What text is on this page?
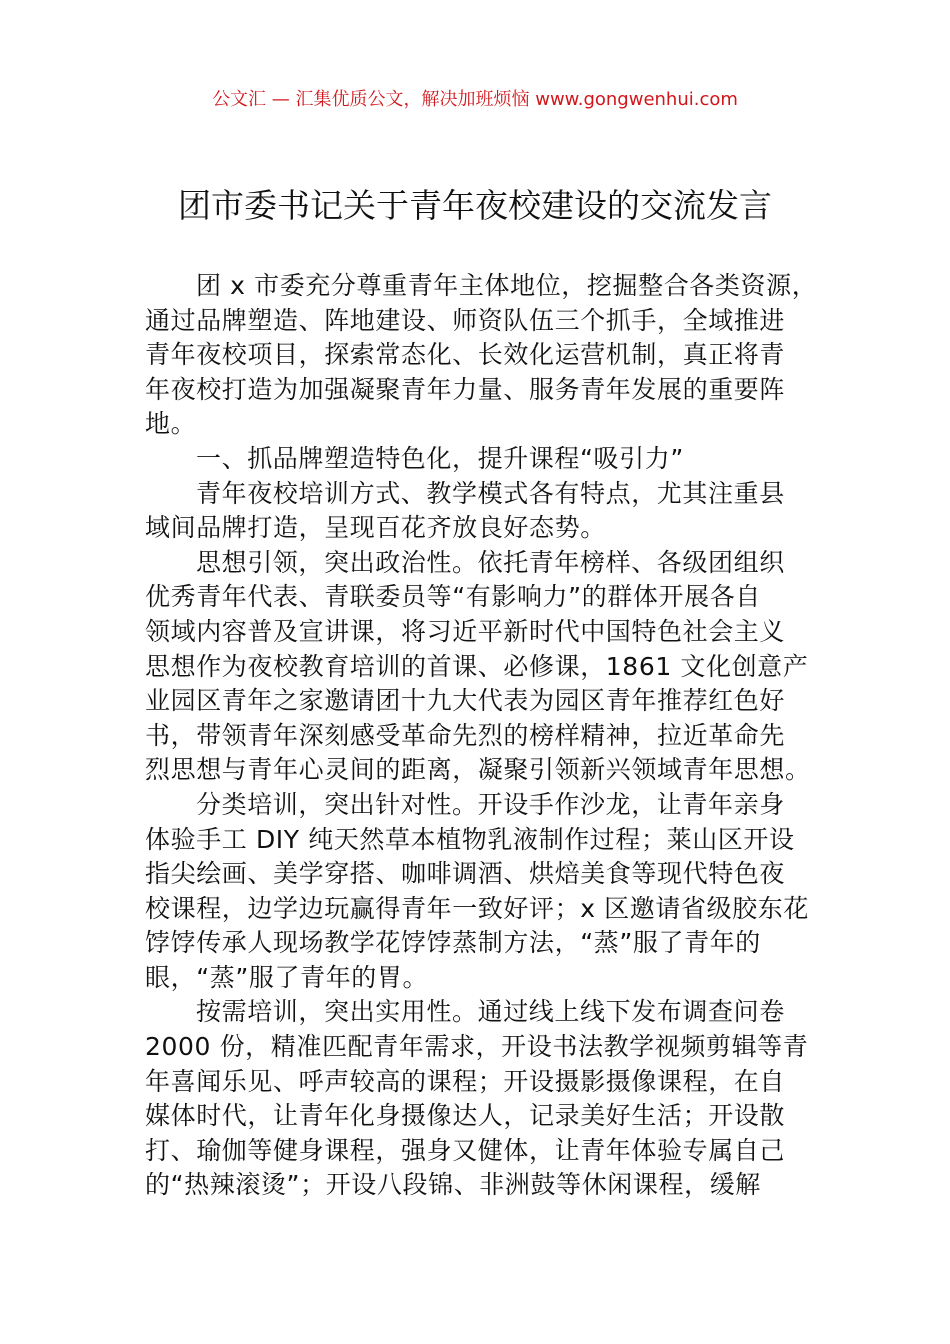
公文汇 — 汇集优质公文，解决加班烦恼 www.gongwenhui.com
团市委书记关于青年夜校建设的交流发言
团 x 市委充分尊重青年主体地位，挖掘整合各类资源，
通过品牌塑造、阵地建设、师资队伍三个抓手，全域推进
青年夜校项目，探索常态化、长效化运营机制，真正将青
年夜校打造为加强凝聚青年力量、服务青年发展的重要阵
地。
一、抓品牌塑造特色化，提升课程“吸引力”
青年夜校培训方式、教学模式各有特点，尤其注重县
域间品牌打造，呈现百花齐放良好态势。
思想引领，突出政治性。依托青年榜样、各级团组织
优秀青年代表、青联委员等“有影响力”的群体开展各自
领域内容普及宣讲课，将习近平新时代中国特色社会主义
思想作为夜校教育培训的首课、必修课，1861 文化创意产
业园区青年之家邀请团十九大代表为园区青年推荐红色好
书，带领青年深刻感受革命先烈的榜样精神，拉近革命先
烈思想与青年心灵间的距离，凝聚引领新兴领域青年思想。
分类培训，突出针对性。开设手作沙龙，让青年亲身
体验手工 DIY 纯天然草本植物乳液制作过程；莱山区开设
指尖绘画、美学穿搭、咖啡调酒、烘焙美食等现代特色夜
校课程，边学边玩赢得青年一致好评；x 区邀请省级胶东花
饽饽传承人现场教学花饽饽蒸制方法，“蒸”服了青年的
眼，“蒸”服了青年的胃。
按需培训，突出实用性。通过线上线下发布调查问卷
2000 份，精准匹配青年需求，开设书法教学视频剪辑等青
年喜闻乐见、呼声较高的课程；开设摄影摄像课程，在自
媒体时代，让青年化身摄像达人，记录美好生活；开设散
打、瑜伽等健身课程，强身又健体，让青年体验专属自己
的“热辣滚烫”；开设八段锦、非洲鼓等休闲课程，缓解
